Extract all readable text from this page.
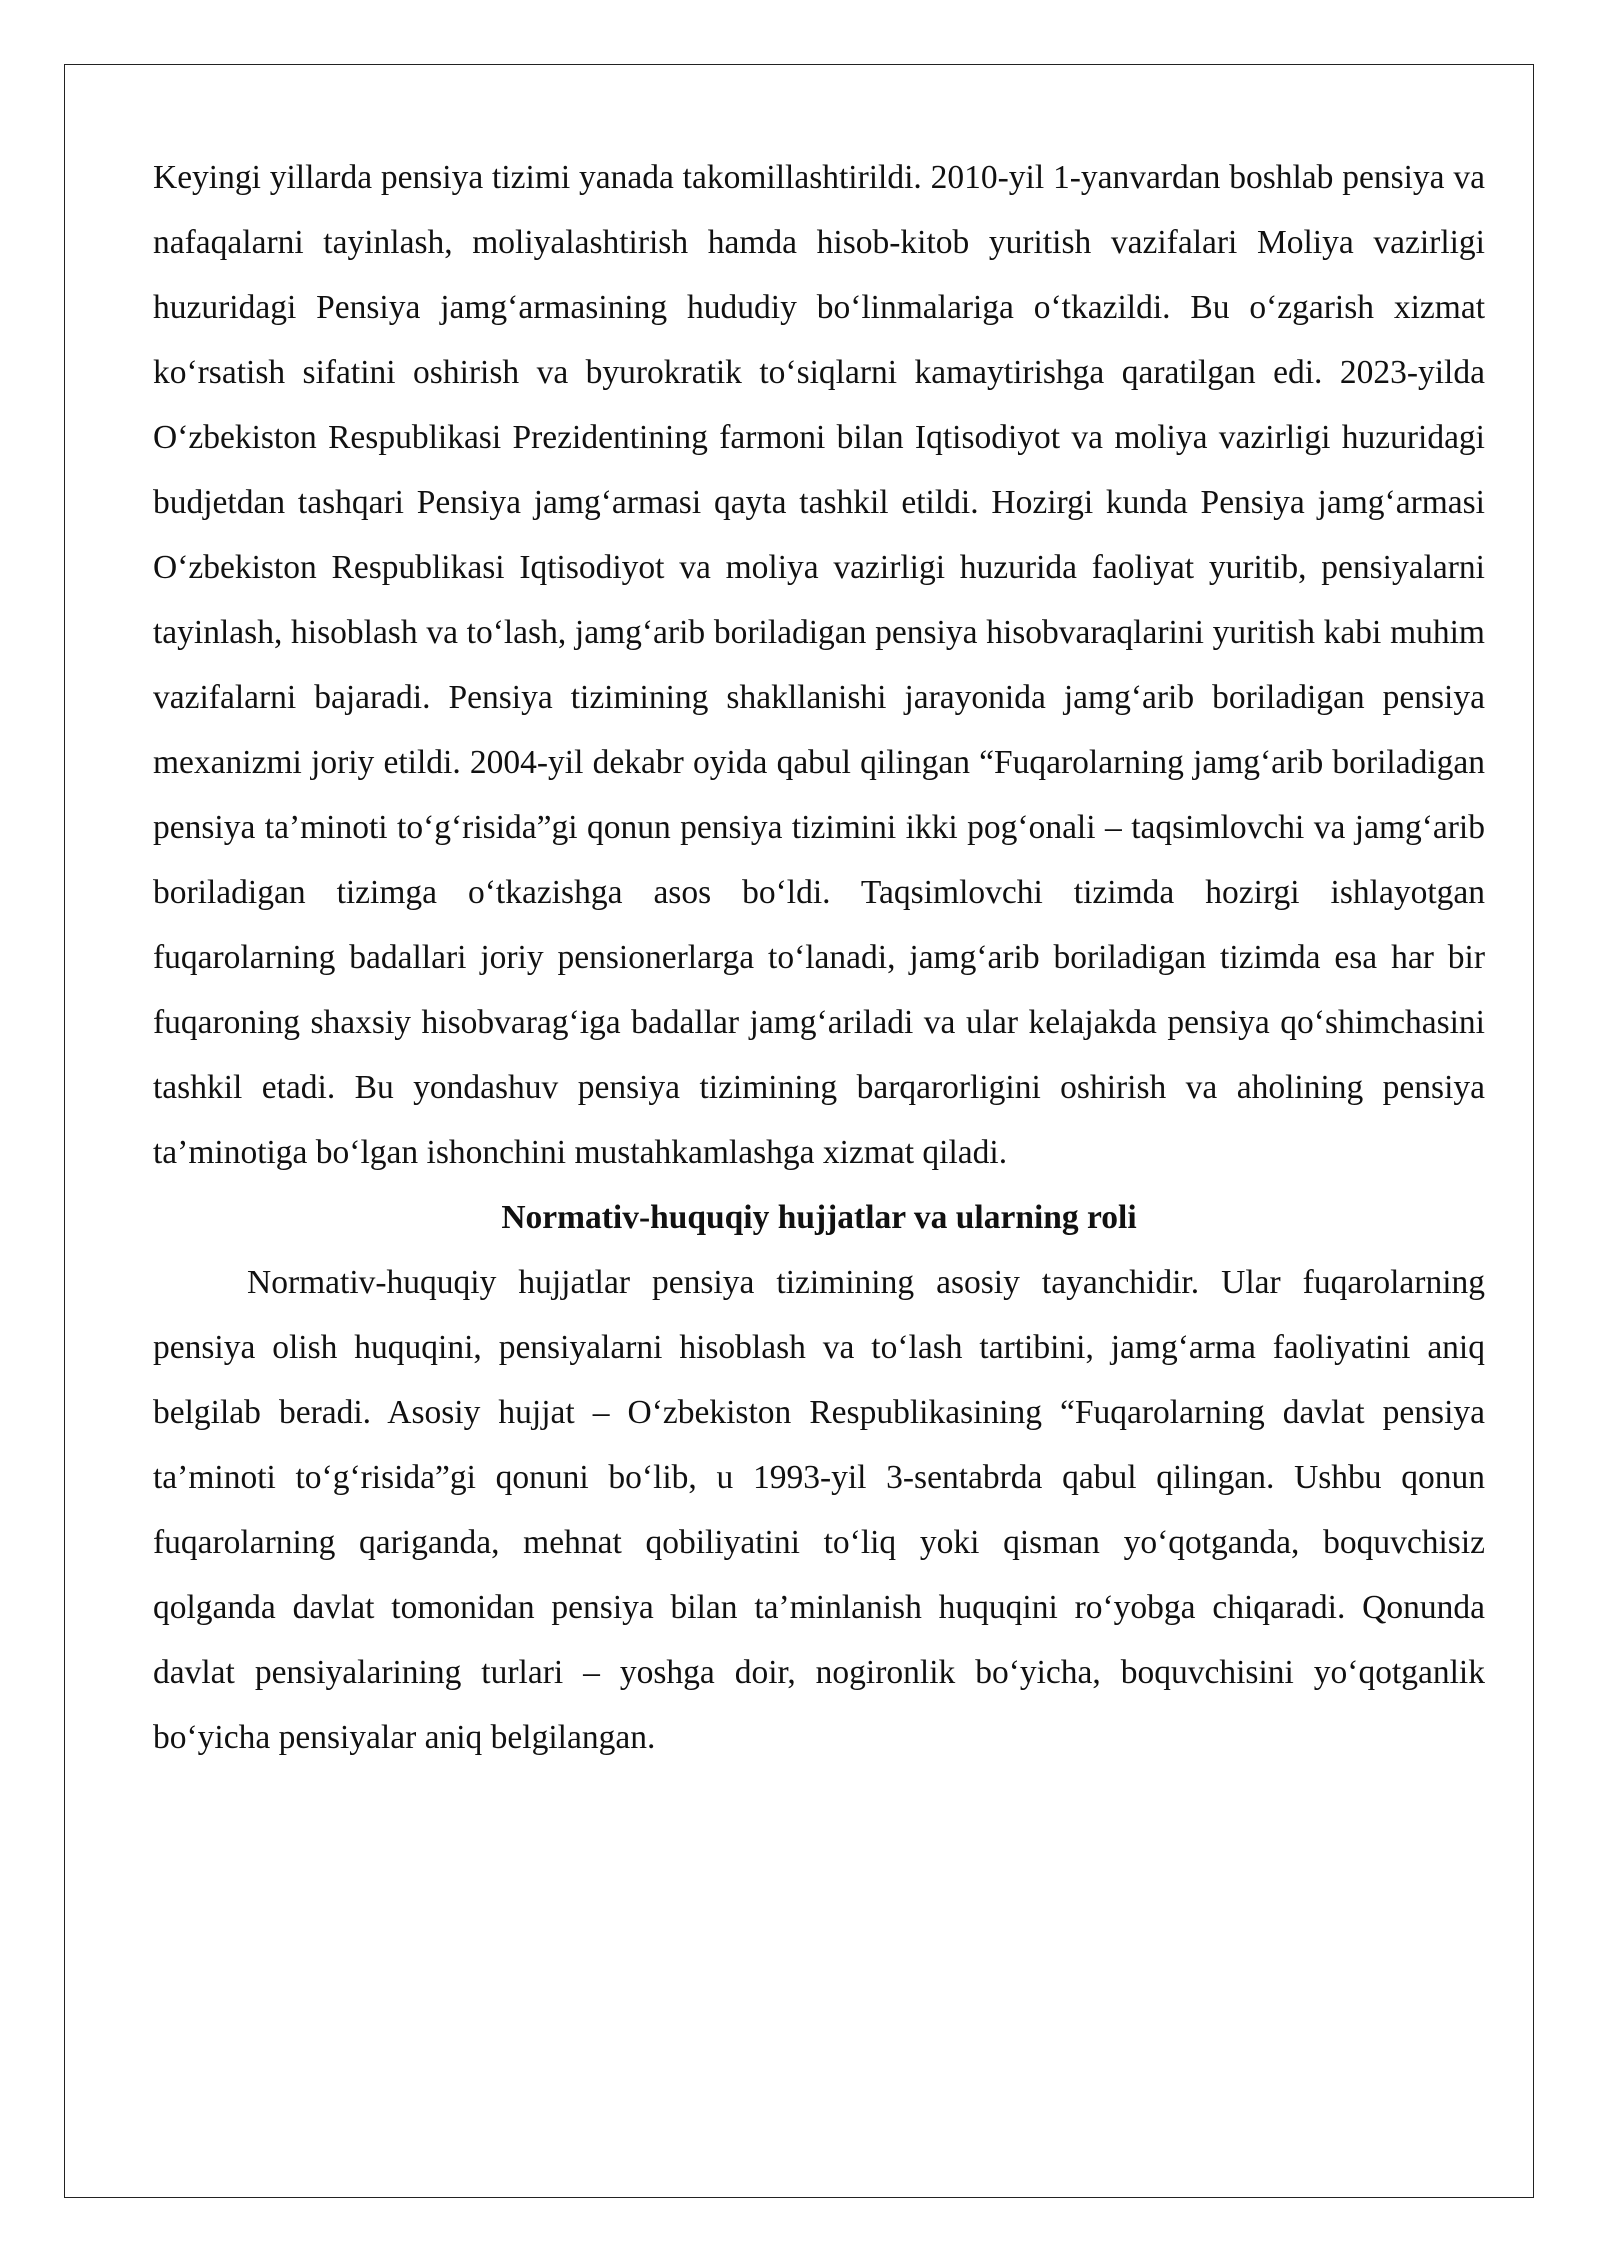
Keyingi yillarda pensiya tizimi yanada takomillashtirildi. 2010-yil 1-yanvardan boshlab pensiya va nafaqalarni tayinlash, moliyalashtirish hamda hisob-kitob yuritish vazifalari Moliya vazirligi huzuridagi Pensiya jamg‘armasining hududiy bo‘linmalariga o‘tkazildi. Bu o‘zgarish xizmat ko‘rsatish sifatini oshirish va byurokratik to‘siqlarni kamaytirishga qaratilgan edi. 2023-yilda O‘zbekiston Respublikasi Prezidentining farmoni bilan Iqtisodiyot va moliya vazirligi huzuridagi budjetdan tashqari Pensiya jamg‘armasi qayta tashkil etildi. Hozirgi kunda Pensiya jamg‘armasi O‘zbekiston Respublikasi Iqtisodiyot va moliya vazirligi huzurida faoliyat yuritib, pensiyalarni tayinlash, hisoblash va to‘lash, jamg‘arib boriladigan pensiya hisobvaraqlarini yuritish kabi muhim vazifalarni bajaradi. Pensiya tizimining shakllanishi jarayonida jamg‘arib boriladigan pensiya mexanizmi joriy etildi. 2004-yil dekabr oyida qabul qilingan “Fuqarolarning jamg‘arib boriladigan pensiya ta’minoti to‘g‘risida”gi qonun pensiya tizimini ikki pog‘onali – taqsimlovchi va jamg‘arib boriladigan tizimga o‘tkazishga asos bo‘ldi. Taqsimlovchi tizimda hozirgi ishlayotgan fuqarolarning badallari joriy pensionerlarga to‘lanadi, jamg‘arib boriladigan tizimda esa har bir fuqaroning shaxsiy hisobvarag‘iga badallar jamg‘ariladi va ular kelajakda pensiya qo‘shimchasini tashkil etadi. Bu yondashuv pensiya tizimining barqarorligini oshirish va aholining pensiya ta’minotiga bo‘lgan ishonchini mustahkamlashga xizmat qiladi.

Normativ-huquqiy hujjatlar va ularning roli

Normativ-huquqiy hujjatlar pensiya tizimining asosiy tayanchidir. Ular fuqarolarning pensiya olish huquqini, pensiyalarni hisoblash va to‘lash tartibini, jamg‘arma faoliyatini aniq belgilab beradi. Asosiy hujjat – O‘zbekiston Respublikasining “Fuqarolarning davlat pensiya ta’minoti to‘g‘risida”gi qonuni bo‘lib, u 1993-yil 3-sentabrda qabul qilingan. Ushbu qonun fuqarolarning qariganda, mehnat qobiliyatini to‘liq yoki qisman yo‘qotganda, boquvchisiz qolganda davlat tomonidan pensiya bilan ta’minlanish huquqini ro‘yobga chiqaradi. Qonunda davlat pensiyalarining turlari – yoshga doir, nogironlik bo‘yicha, boquvchisini yo‘qotganlik bo‘yicha pensiyalar aniq belgilangan.
